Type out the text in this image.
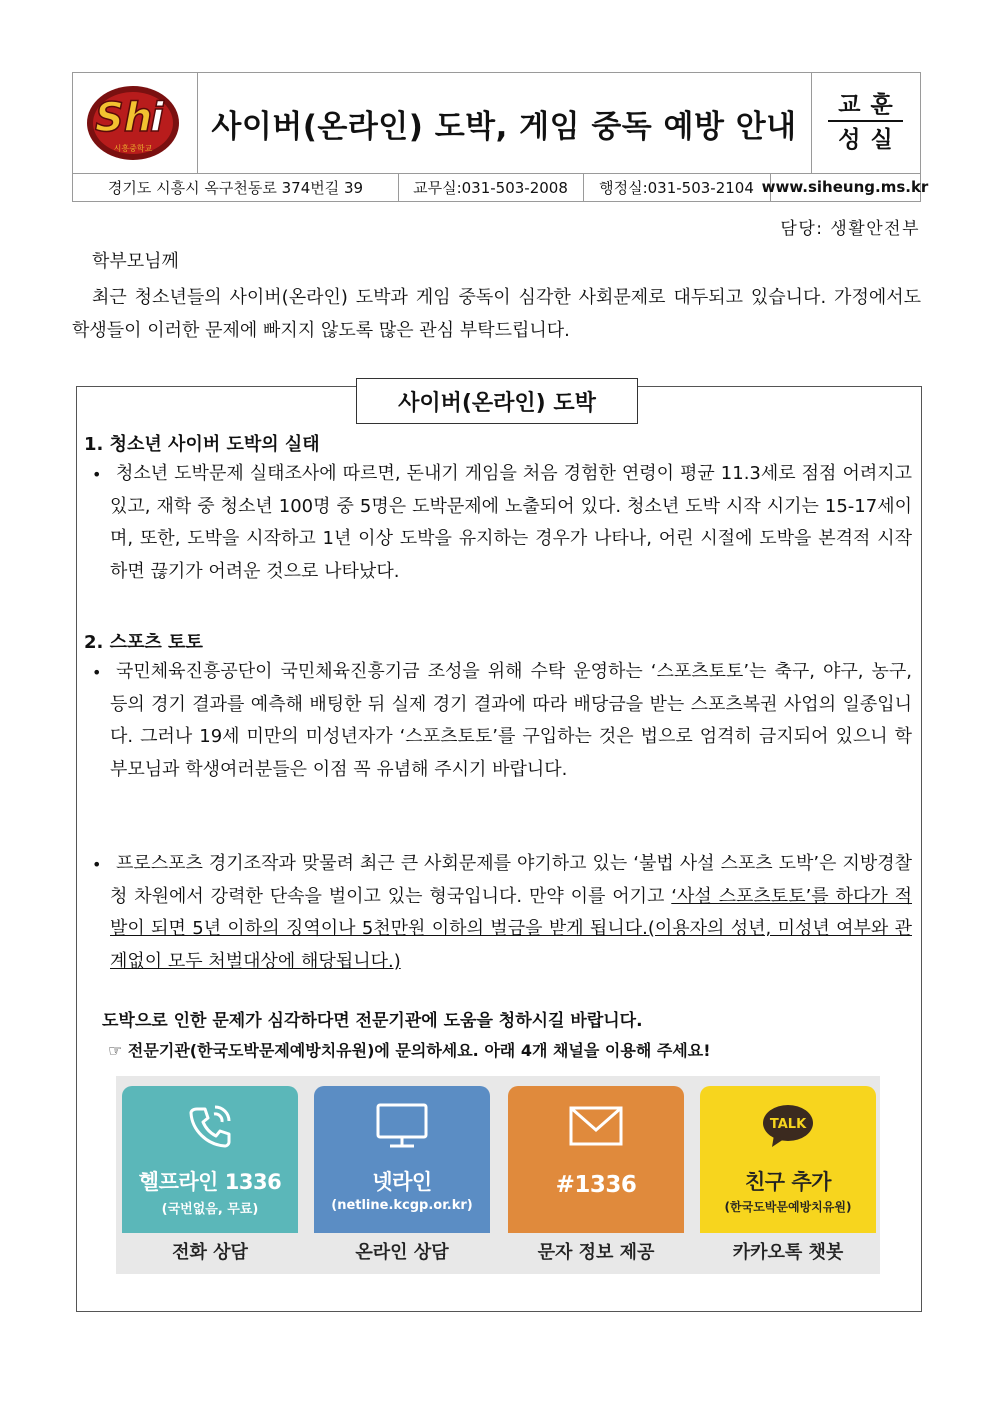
Sh
i
시흥중학교
사이버(온라인) 도박, 게임 중독 예방 안내
교훈
성실
경기도 시흥시 옥구천동로 374번길 39	교무실:031-503-2008	행정실:031-503-2104 www.siheung.ms.kr
담당: 생활안전부
학부모님께
최근 청소년들의 사이버(온라인) 도박과 게임 중독이 심각한 사회문제로 대두되고 있습니다. 가정에서도 학생들이 이러한 문제에 빠지지 않도록 많은 관심 부탁드립니다.
사이버(온라인) 도박
1. 청소년 사이버 도박의 실태
• 청소년 도박문제 실태조사에 따르면, 돈내기 게임을 처음 경험한 연령이 평균 11.3세로 점점 어려지고 있고, 재학 중 청소년 100명 중 5명은 도박문제에 노출되어 있다. 청소년 도박 시작 시기는 15-17세이며, 또한, 도박을 시작하고 1년 이상 도박을 유지하는 경우가 나타나, 어린 시절에 도박을 본격적 시작하면 끊기가 어려운 것으로 나타났다.
2. 스포츠 토토
• 국민체육진흥공단이 국민체육진흥기금 조성을 위해 수탁 운영하는 ‘스포츠토토’는 축구, 야구, 농구, 등의 경기 결과를 예측해 배팅한 뒤 실제 경기 결과에 따라 배당금을 받는 스포츠복권 사업의 일종입니다. 그러나 19세 미만의 미성년자가 ‘스포츠토토’를 구입하는 것은 법으로 엄격히 금지되어 있으니 학부모님과 학생여러분들은 이점 꼭 유념해 주시기 바랍니다.
• 프로스포츠 경기조작과 맞물려 최근 큰 사회문제를 야기하고 있는 ‘불법 사설 스포츠 도박’은 지방경찰청 차원에서 강력한 단속을 벌이고 있는 형국입니다. 만약 이를 어기고 ‘사설 스포츠토토’를 하다가 적발이 되면 5년 이하의 징역이나 5천만원 이하의 벌금을 받게 됩니다.(이용자의 성년, 미성년 여부와 관계없이 모두 처벌대상에 해당됩니다.)
도박으로 인한 문제가 심각하다면 전문기관에 도움을 청하시길 바랍니다.
☞ 전문기관(한국도박문제예방치유원)에 문의하세요. 아래 4개 채널을 이용해 주세요!
헬프라인 1336
(국번없음, 무료)
전화 상담
넷라인
(netline.kcgp.or.kr)
온라인 상담
#1336
문자 정보 제공
TALK
친구 추가
(한국도박문예방치유원)
카카오톡 챗봇
